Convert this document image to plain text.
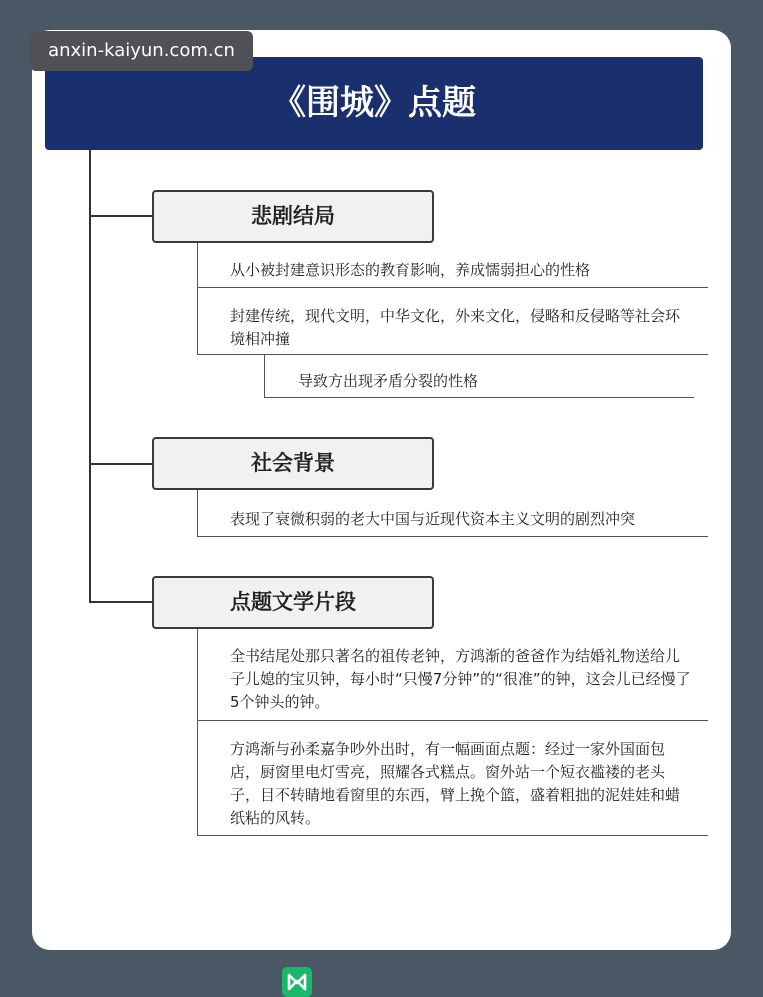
anxin-kaiyun.com.cn
《围城》点题
悲剧结局
从小被封建意识形态的教育影响，养成懦弱担心的性格
封建传统，现代文明，中华文化，外来文化，侵略和反侵略等社会环境相冲撞
导致方出现矛盾分裂的性格
社会背景
表现了衰微积弱的老大中国与近现代资本主义文明的剧烈冲突
点题文学片段
全书结尾处那只著名的祖传老钟，方鸿渐的爸爸作为结婚礼物送给儿子儿媳的宝贝钟，每小时“只慢7分钟”的“很准”的钟，这会儿已经慢了5个钟头的钟。
方鸿渐与孙柔嘉争吵外出时，有一幅画面点题：经过一家外国面包店，厨窗里电灯雪亮，照耀各式糕点。窗外站一个短衣褴褛的老头子，目不转睛地看窗里的东西，臂上挽个篮，盛着粗拙的泥娃娃和蜡纸粘的风转。
